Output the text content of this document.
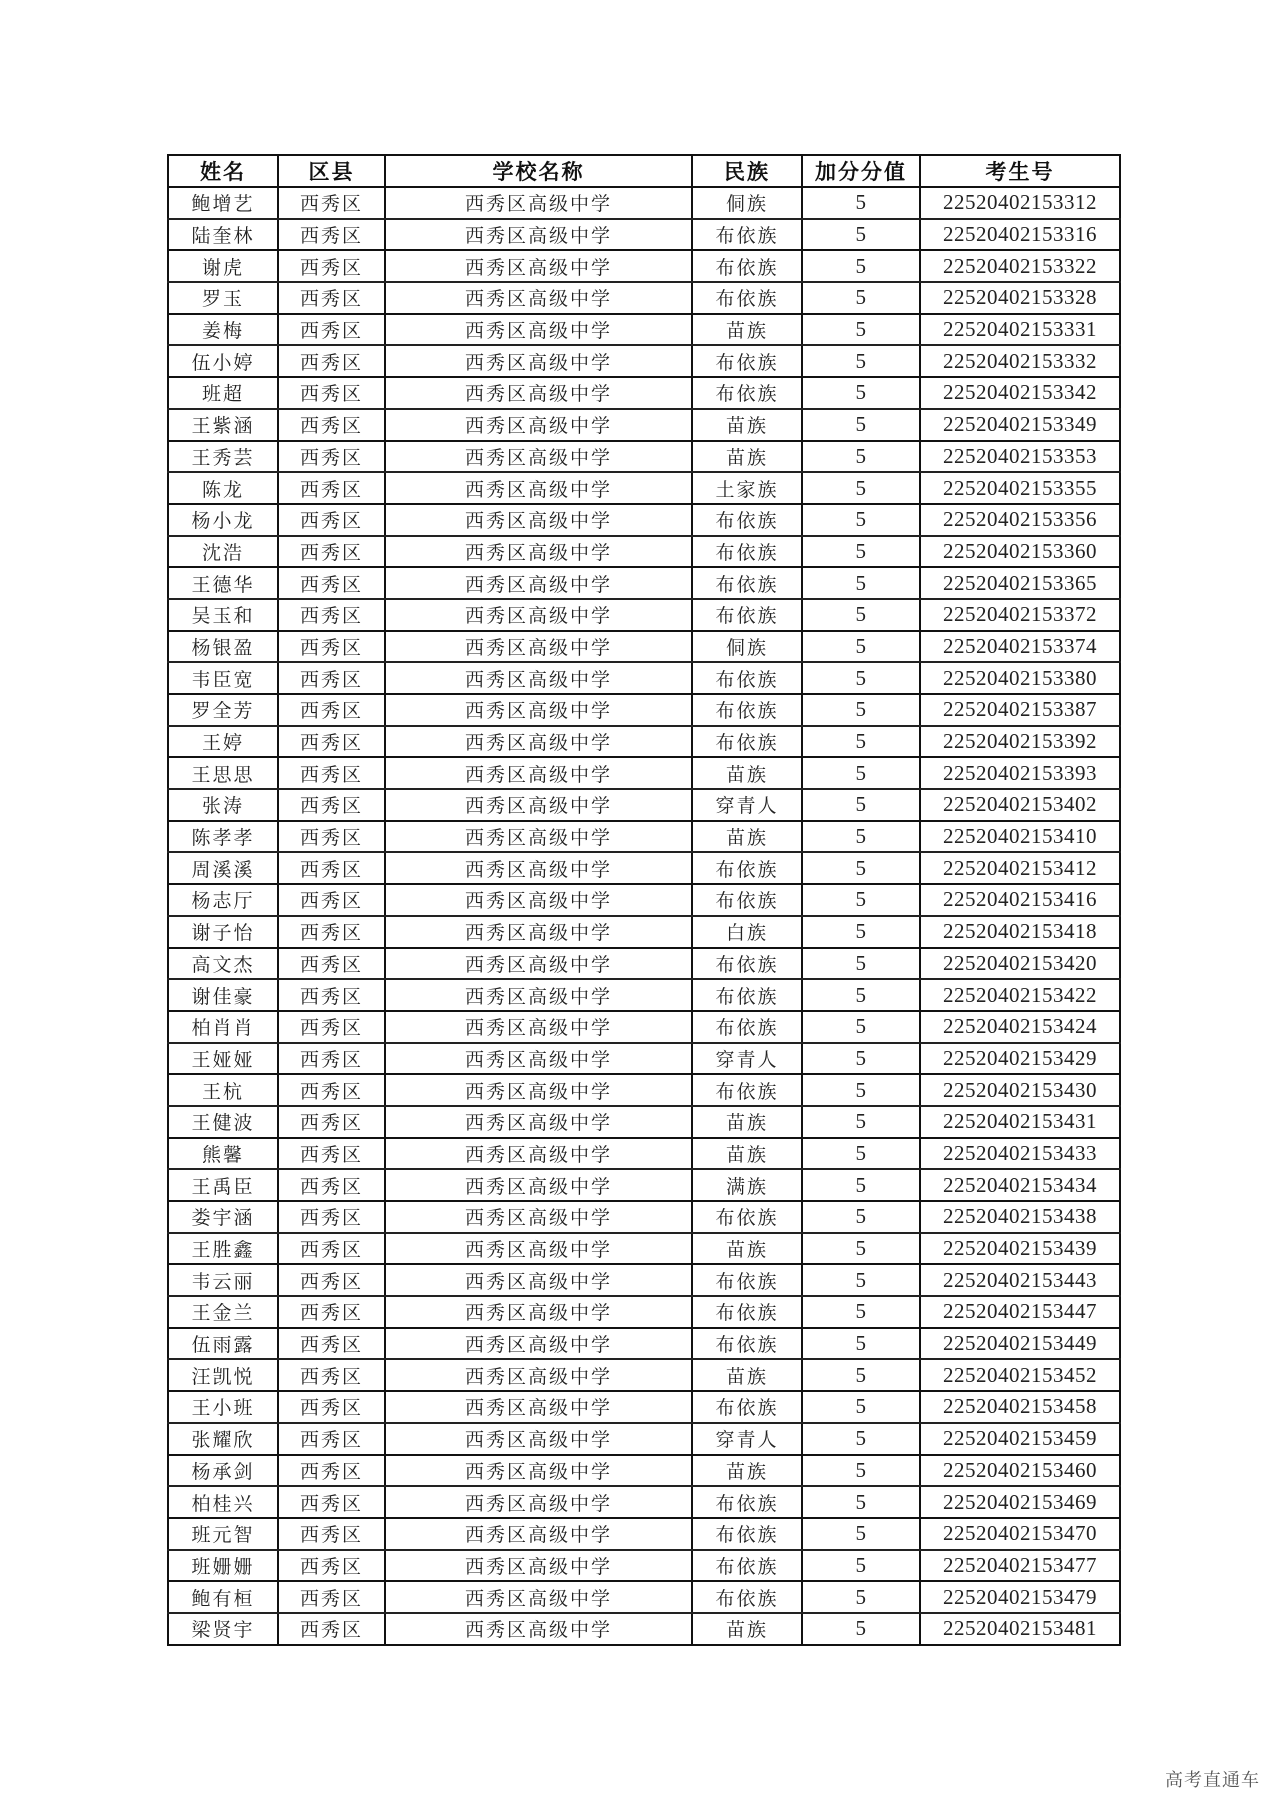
姓名	区县	学校名称	民族	加分分值	考生号
鲍增艺	西秀区	西秀区高级中学	侗族	5	22520402153312
陆奎林	西秀区	西秀区高级中学	布依族	5	22520402153316
谢虎	西秀区	西秀区高级中学	布依族	5	22520402153322
罗玉	西秀区	西秀区高级中学	布依族	5	22520402153328
姜梅	西秀区	西秀区高级中学	苗族	5	22520402153331
伍小婷	西秀区	西秀区高级中学	布依族	5	22520402153332
班超	西秀区	西秀区高级中学	布依族	5	22520402153342
王紫涵	西秀区	西秀区高级中学	苗族	5	22520402153349
王秀芸	西秀区	西秀区高级中学	苗族	5	22520402153353
陈龙	西秀区	西秀区高级中学	土家族	5	22520402153355
杨小龙	西秀区	西秀区高级中学	布依族	5	22520402153356
沈浩	西秀区	西秀区高级中学	布依族	5	22520402153360
王德华	西秀区	西秀区高级中学	布依族	5	22520402153365
吴玉和	西秀区	西秀区高级中学	布依族	5	22520402153372
杨银盈	西秀区	西秀区高级中学	侗族	5	22520402153374
韦臣宽	西秀区	西秀区高级中学	布依族	5	22520402153380
罗全芳	西秀区	西秀区高级中学	布依族	5	22520402153387
王婷	西秀区	西秀区高级中学	布依族	5	22520402153392
王思思	西秀区	西秀区高级中学	苗族	5	22520402153393
张涛	西秀区	西秀区高级中学	穿青人	5	22520402153402
陈孝孝	西秀区	西秀区高级中学	苗族	5	22520402153410
周溪溪	西秀区	西秀区高级中学	布依族	5	22520402153412
杨志厅	西秀区	西秀区高级中学	布依族	5	22520402153416
谢子怡	西秀区	西秀区高级中学	白族	5	22520402153418
高文杰	西秀区	西秀区高级中学	布依族	5	22520402153420
谢佳豪	西秀区	西秀区高级中学	布依族	5	22520402153422
柏肖肖	西秀区	西秀区高级中学	布依族	5	22520402153424
王娅娅	西秀区	西秀区高级中学	穿青人	5	22520402153429
王杭	西秀区	西秀区高级中学	布依族	5	22520402153430
王健波	西秀区	西秀区高级中学	苗族	5	22520402153431
熊馨	西秀区	西秀区高级中学	苗族	5	22520402153433
王禹臣	西秀区	西秀区高级中学	满族	5	22520402153434
娄宇涵	西秀区	西秀区高级中学	布依族	5	22520402153438
王胜鑫	西秀区	西秀区高级中学	苗族	5	22520402153439
韦云丽	西秀区	西秀区高级中学	布依族	5	22520402153443
王金兰	西秀区	西秀区高级中学	布依族	5	22520402153447
伍雨露	西秀区	西秀区高级中学	布依族	5	22520402153449
汪凯悦	西秀区	西秀区高级中学	苗族	5	22520402153452
王小班	西秀区	西秀区高级中学	布依族	5	22520402153458
张耀欣	西秀区	西秀区高级中学	穿青人	5	22520402153459
杨承剑	西秀区	西秀区高级中学	苗族	5	22520402153460
柏桂兴	西秀区	西秀区高级中学	布依族	5	22520402153469
班元智	西秀区	西秀区高级中学	布依族	5	22520402153470
班姗姗	西秀区	西秀区高级中学	布依族	5	22520402153477
鲍有桓	西秀区	西秀区高级中学	布依族	5	22520402153479
梁贤宇	西秀区	西秀区高级中学	苗族	5	22520402153481
高考直通车
